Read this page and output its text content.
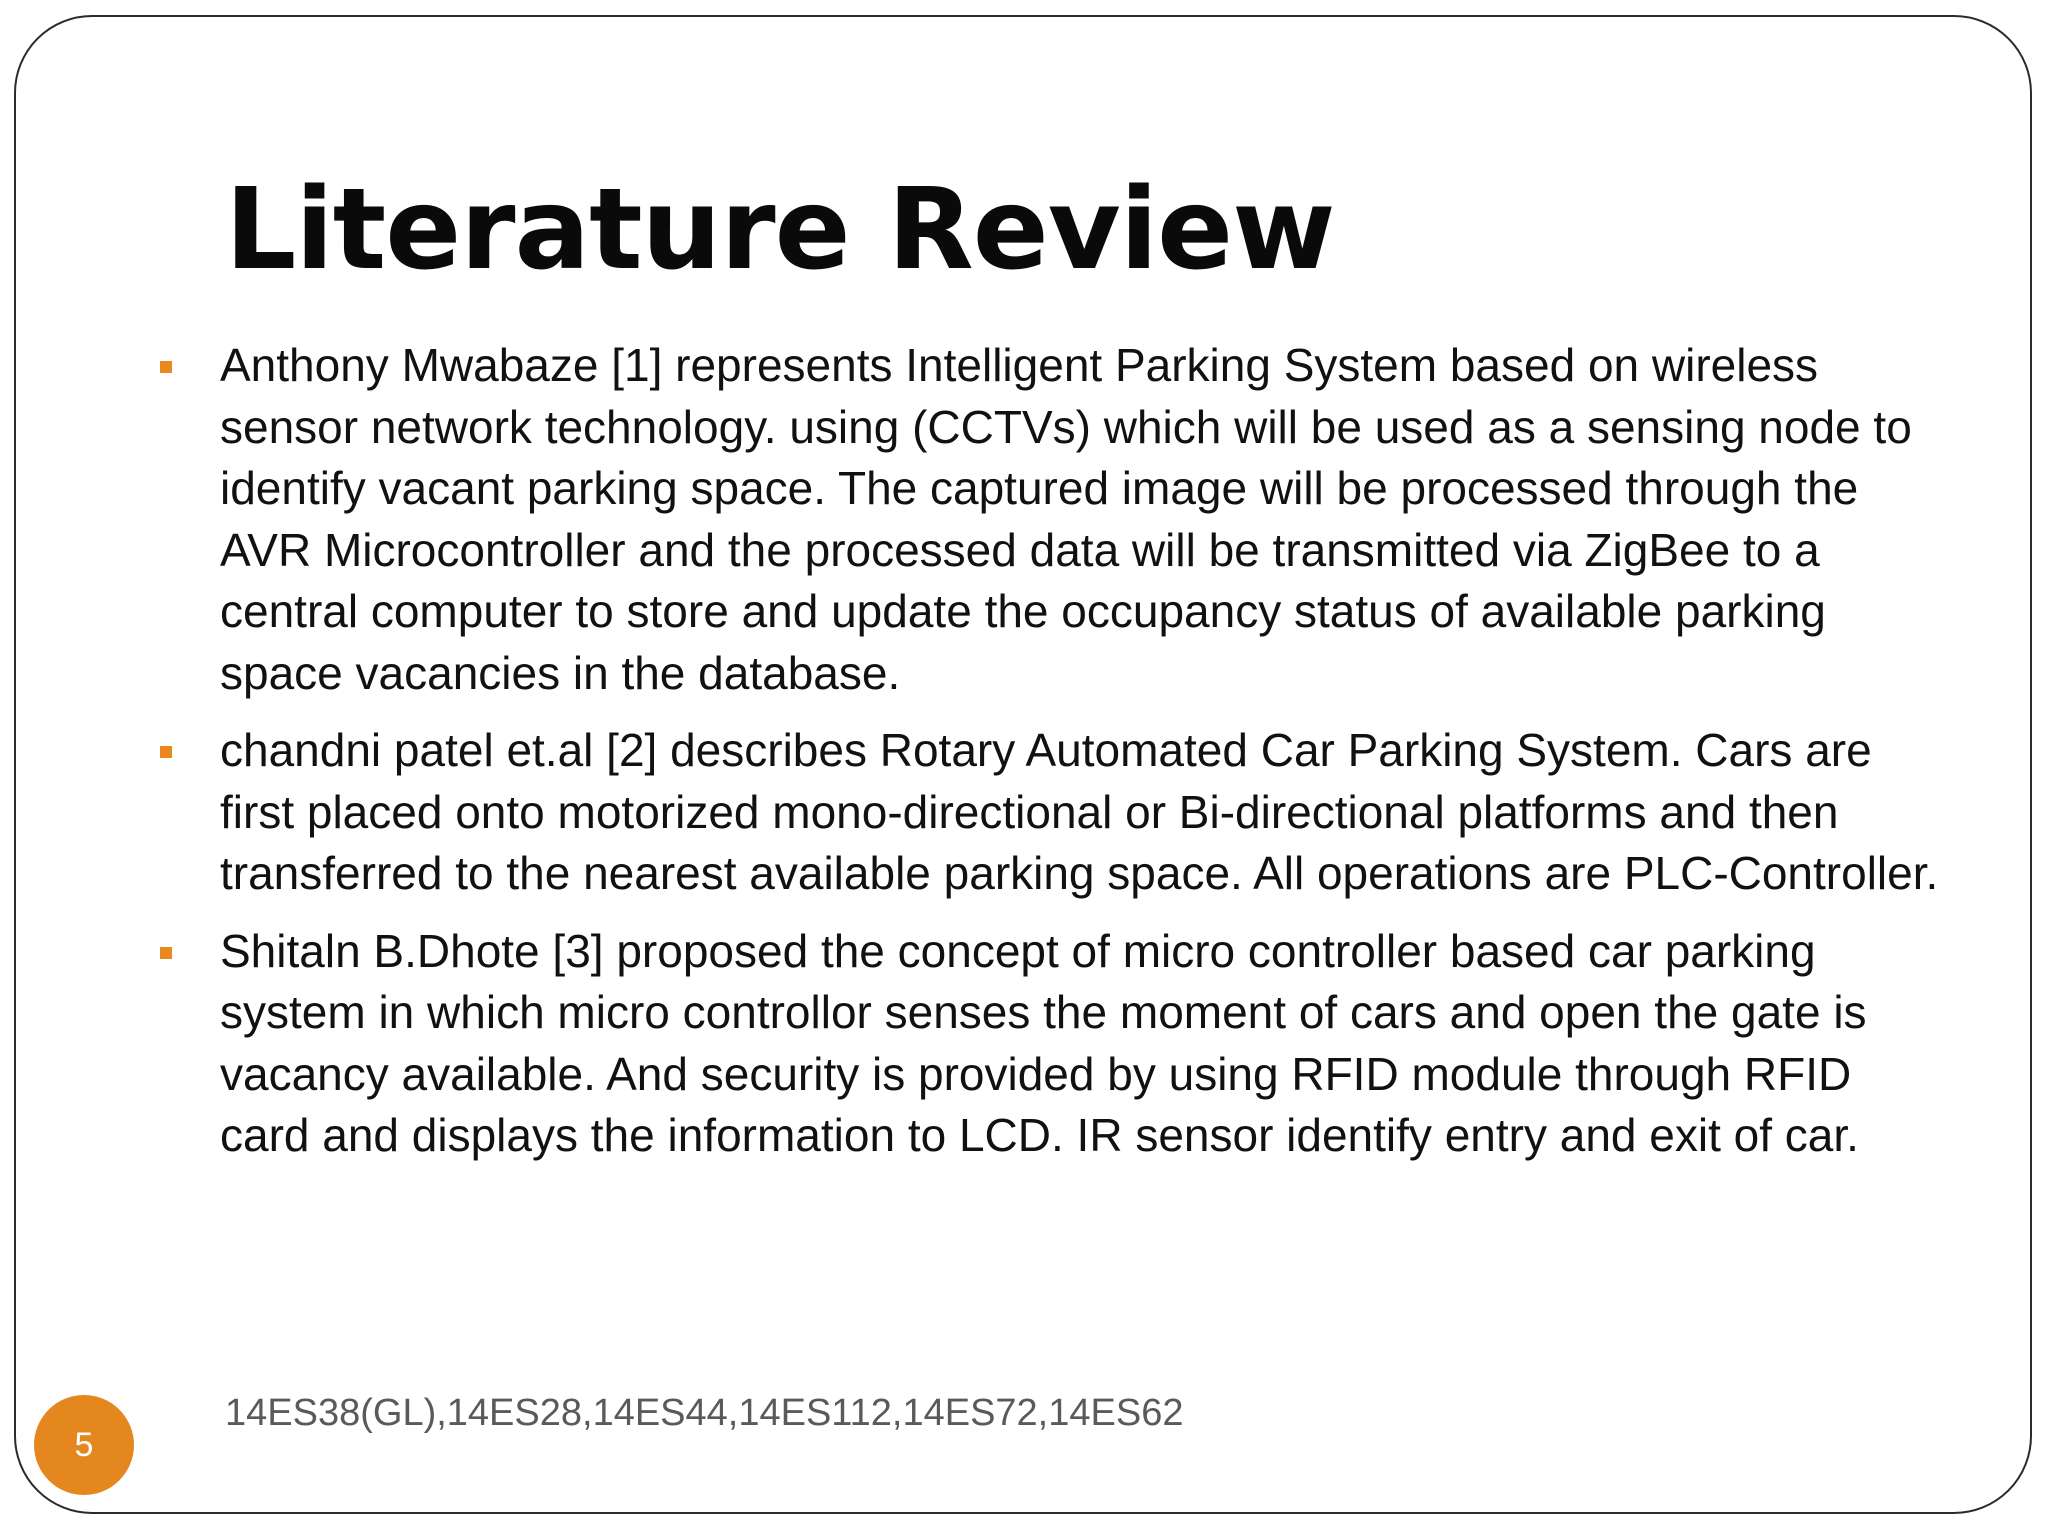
Literature Review
Anthony Mwabaze [1] represents Intelligent Parking System based on wireless sensor network technology. using (CCTVs) which will be used as a sensing node to identify vacant parking space. The captured image will be processed through the AVR Microcontroller and the processed data will be transmitted via ZigBee to a central computer to store and update the occupancy status of available parking space vacancies in the database.
chandni patel et.al [2] describes Rotary Automated Car Parking System. Cars are first placed onto motorized mono-directional or Bi-directional platforms and then transferred to the nearest available parking space. All operations are PLC-Controller.
Shitaln B.Dhote [3] proposed the concept of micro controller based car parking system in which micro controllor senses the moment of cars and open the gate is vacancy available. And security is provided by using RFID module through RFID card and displays the information to LCD. IR sensor identify entry and exit of car.
5
14ES38(GL),14ES28,14ES44,14ES112,14ES72,14ES62
